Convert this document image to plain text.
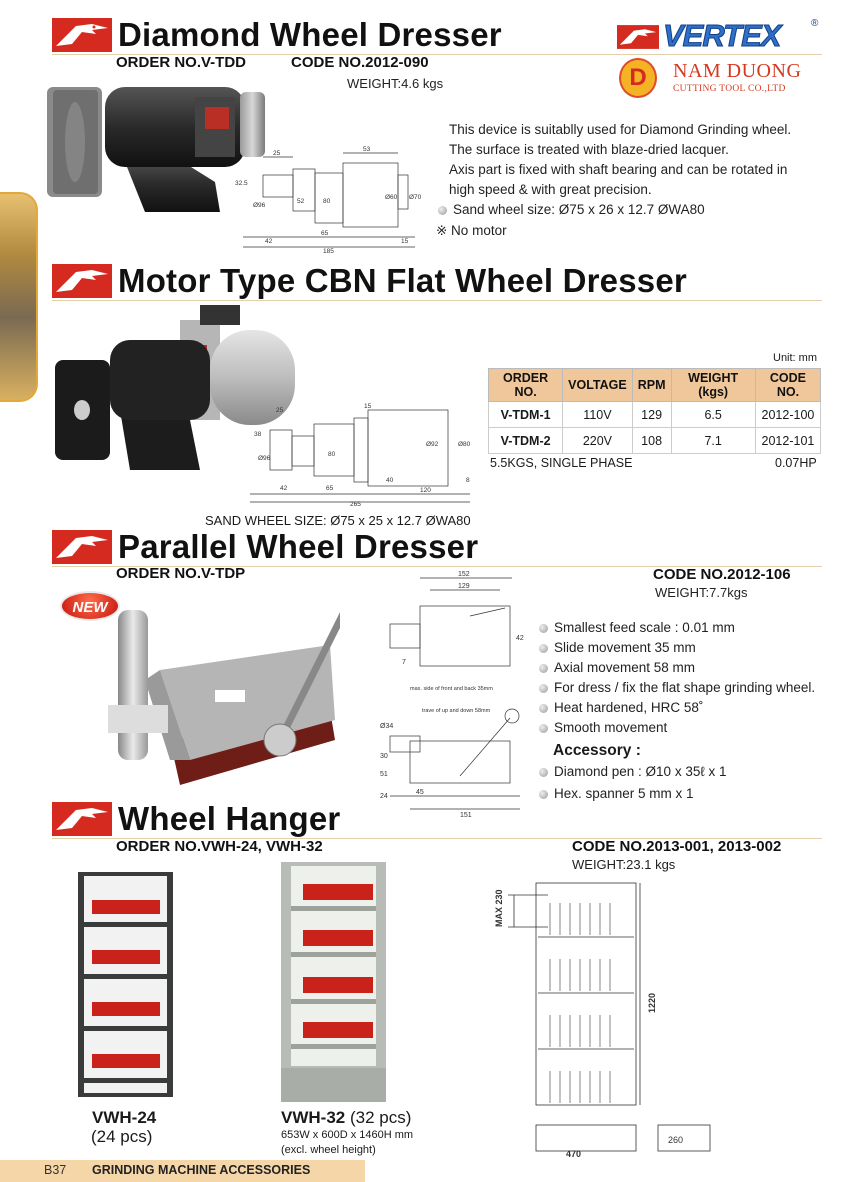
Diamond Wheel Dresser	VERTEX	®
D	NAM DUONG
CUTTING TOOL CO.,LTD
ORDER NO.V-TDD	CODE NO.2012-090
WEIGHT:4.6 kgs
25
53
32.5
Ø96
52	80
Ø60 Ø70
42
65
15
185
This device is suitablly used for Diamond Grinding wheel.
The surface is treated with blaze-dried lacquer.
Axis part is fixed with shaft bearing and can be rotated in
high speed & with great precision.
Sand wheel size: Ø75 x 26 x 12.7 ØWA80
※ No motor
Motor Type CBN Flat Wheel Dresser
25
15
38
Ø96
80
Ø92	Ø80
42	65
40
120
8
265
Unit: mm
ORDER NO.	VOLTAGE	RPM	WEIGHT (kgs)	CODE NO.
V-TDM-1	110V	129	6.5	2012-100
V-TDM-2	220V	108	7.1	2012-101
5.5KGS, SINGLE PHASE	0.07HP
SAND WHEEL SIZE: Ø75 x 25 x 12.7 ØWA80
Parallel Wheel Dresser
ORDER NO.V-TDP	CODE NO.2012-106
WEIGHT:7.7kgs
NEW
152
129
42
7
max. side of front and back 35mm
trave of up and down 58mm
Ø34
30
51
24
45
151
Smallest feed scale : 0.01 mm
Slide movement 35 mm
Axial movement 58 mm
For dress / fix the flat shape grinding wheel.
Heat hardened, HRC 58˚
Smooth movement
Accessory :
Diamond pen : Ø10 x 35ℓ x 1
Hex. spanner 5 mm x 1
Wheel Hanger
ORDER NO.VWH-24, VWH-32	CODE NO.2013-001, 2013-002
WEIGHT:23.1 kgs
VWH-24
(24 pcs)
VWH-32 (32 pcs)
653W x 600D x 1460H mm
(excl. wheel height)
MAX 230
1220
470
260
B37 GRINDING MACHINE ACCESSORIES
